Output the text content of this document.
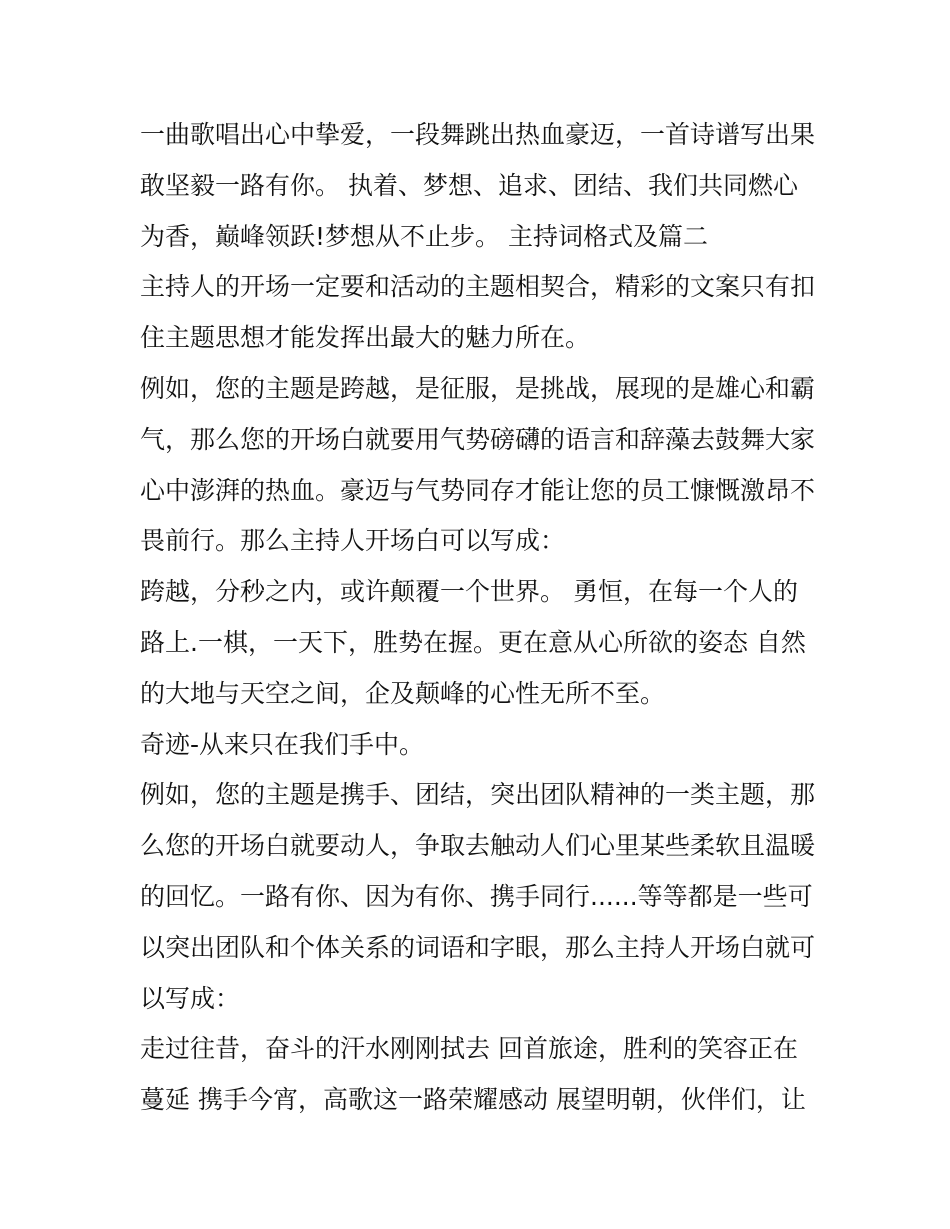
一曲歌唱出心中挚爱，一段舞跳出热血豪迈，一首诗谱写出果
敢坚毅一路有你。 执着、梦想、追求、团结、我们共同燃心
为香，巅峰领跃!梦想从不止步。 主持词格式及篇二
主持人的开场一定要和活动的主题相契合，精彩的文案只有扣
住主题思想才能发挥出最大的魅力所在。
例如，您的主题是跨越，是征服，是挑战，展现的是雄心和霸
气，那么您的开场白就要用气势磅礴的语言和辞藻去鼓舞大家
心中澎湃的热血。豪迈与气势同存才能让您的员工慷慨激昂不
畏前行。那么主持人开场白可以写成：
跨越，分秒之内，或许颠覆一个世界。 勇恒，在每一个人的
路上.一棋，一天下，胜势在握。更在意从心所欲的姿态 自然
的大地与天空之间，企及颠峰的心性无所不至。
奇迹-从来只在我们手中。
例如，您的主题是携手、团结，突出团队精神的一类主题，那
么您的开场白就要动人，争取去触动人们心里某些柔软且温暖
的回忆。一路有你、因为有你、携手同行......等等都是一些可
以突出团队和个体关系的词语和字眼，那么主持人开场白就可
以写成：
走过往昔，奋斗的汗水刚刚拭去 回首旅途，胜利的笑容正在
蔓延 携手今宵，高歌这一路荣耀感动 展望明朝，伙伴们，让
